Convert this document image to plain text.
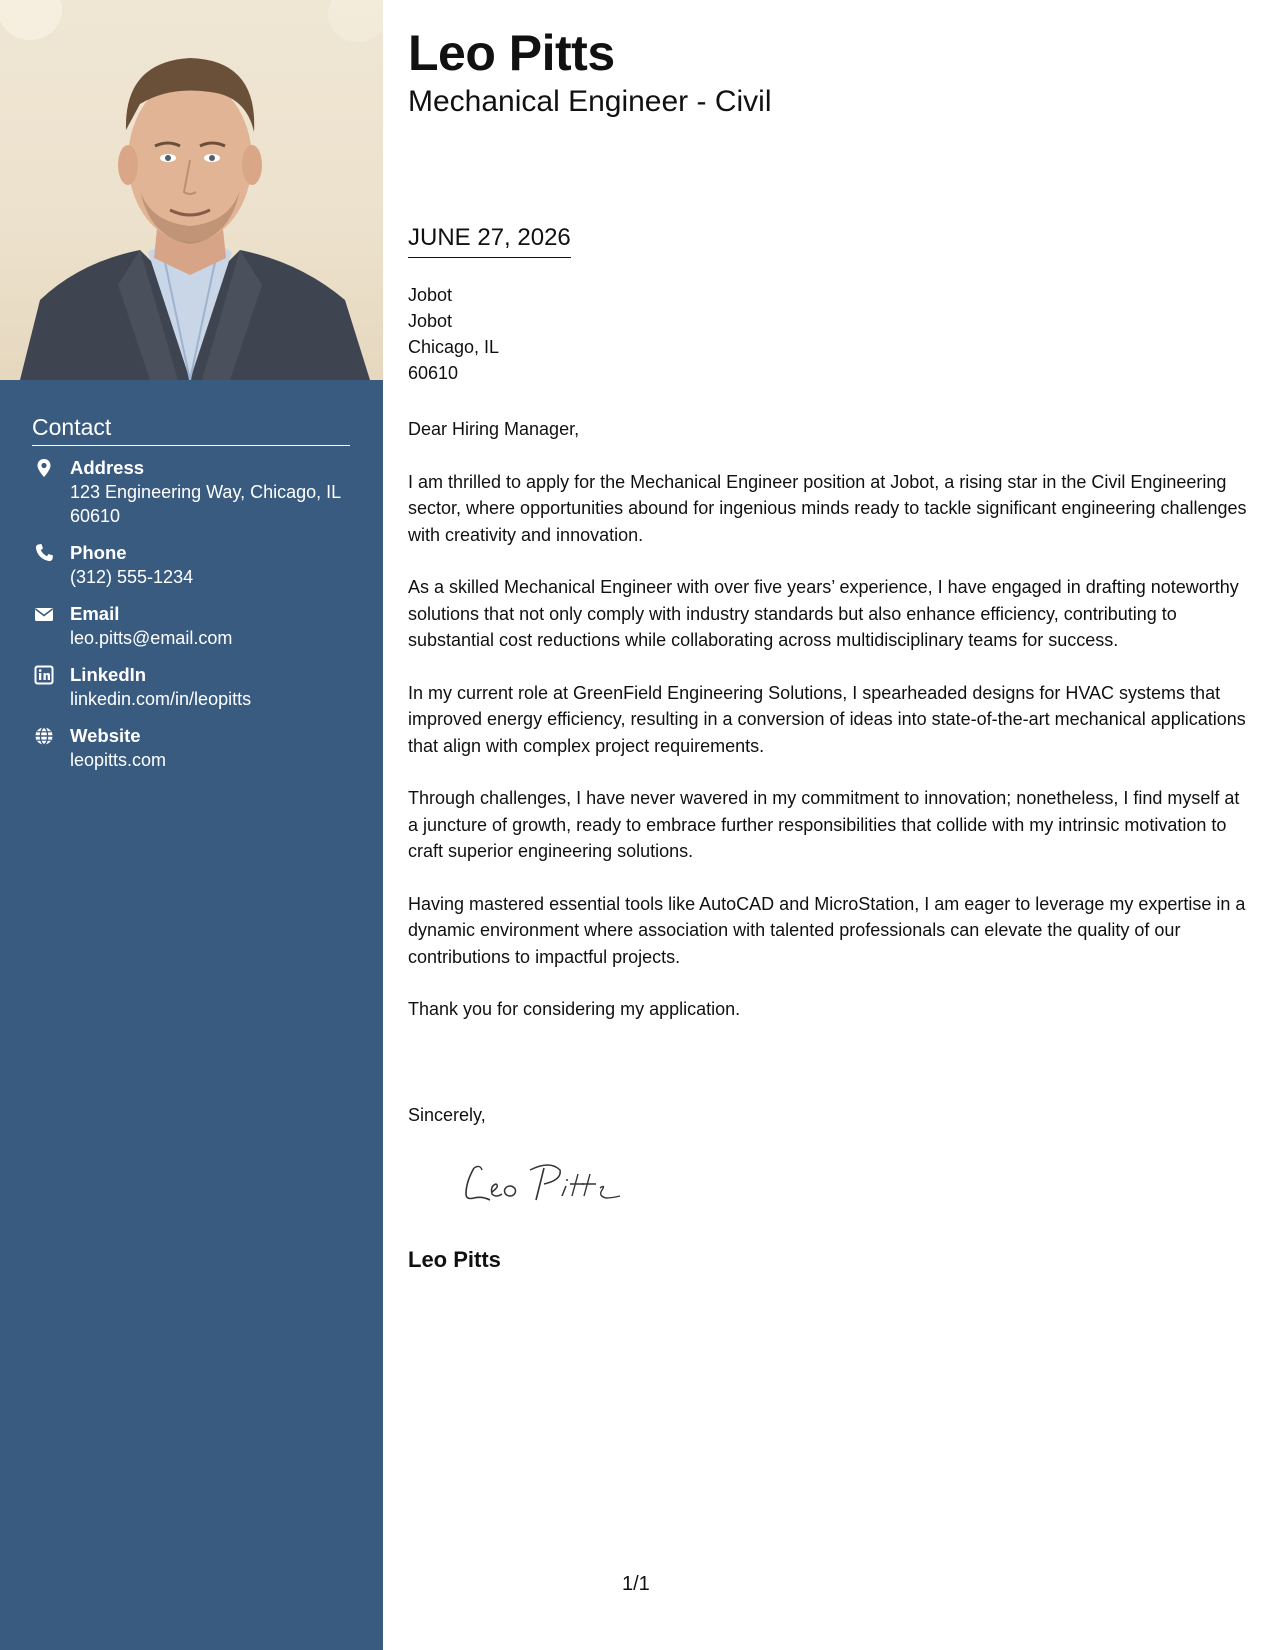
Contact
Address
123 Engineering Way, Chicago, IL 60610
Phone
(312) 555-1234
Email
leo.pitts@email.com
LinkedIn
linkedin.com/in/leopitts
Website
leopitts.com
Leo Pitts
Mechanical Engineer - Civil
JUNE 27, 2026
Jobot
Jobot
Chicago, IL
60610

Dear Hiring Manager,

I am thrilled to apply for the Mechanical Engineer position at Jobot, a rising star in the Civil Engineering sector, where opportunities abound for ingenious minds ready to tackle significant engineering challenges with creativity and innovation.

As a skilled Mechanical Engineer with over five years’ experience, I have engaged in drafting noteworthy solutions that not only comply with industry standards but also enhance efficiency, contributing to substantial cost reductions while collaborating across multidisciplinary teams for success.

In my current role at GreenField Engineering Solutions, I spearheaded designs for HVAC systems that improved energy efficiency, resulting in a conversion of ideas into state-of-the-art mechanical applications that align with complex project requirements.

Through challenges, I have never wavered in my commitment to innovation; nonetheless, I find myself at a juncture of growth, ready to embrace further responsibilities that collide with my intrinsic motivation to craft superior engineering solutions.

Having mastered essential tools like AutoCAD and MicroStation, I am eager to leverage my expertise in a dynamic environment where association with talented professionals can elevate the quality of our contributions to impactful projects.

Thank you for considering my application.

Sincerely,
Leo Pitts
1/1
